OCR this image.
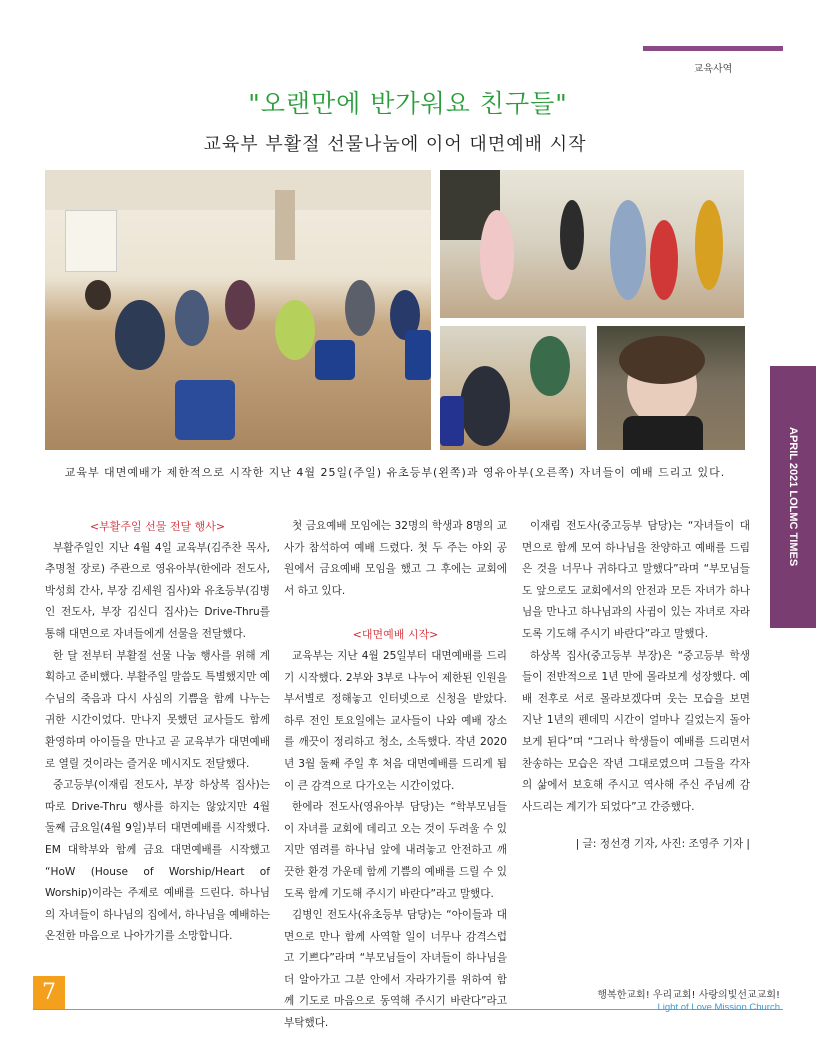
교육사역
"오랜만에 반가워요 친구들"
교육부 부활절 선물나눔에 이어 대면예배 시작
교육부 대면예배가 제한적으로 시작한 지난 4월 25일(주일) 유초등부(왼쪽)과 영유아부(오른쪽) 자녀들이 예배 드리고 있다.	APRIL 2021 LOLMC TIMES
<부활주일 선물 전달 행사>

부활주일인 지난 4월 4일 교육부(김주찬 목사, 추명철 장로) 주관으로 영유아부(한에라 전도사, 박성희 간사, 부장 김세원 집사)와 유초등부(김병인 전도사, 부장 김신디 집사)는 Drive-Thru를 통해 대면으로 자녀들에게 선물을 전달했다.

한 달 전부터 부활절 선물 나눔 행사를 위해 계획하고 준비했다. 부활주일 말씀도 특별했지만 예수님의 죽음과 다시 사심의 기쁨을 함께 나누는 귀한 시간이었다. 만나지 못했던 교사들도 함께 환영하며 아이들을 만나고 곧 교육부가 대면예배로 열릴 것이라는 즐거운 메시지도 전달했다.

중고등부(이재림 전도사, 부장 하상복 집사)는 따로 Drive-Thru 행사를 하지는 않았지만 4월 둘째 금요일(4월 9일)부터 대면예배를 시작했다. EM 대학부와 함께 금요 대면예배를 시작했고 “HoW (House of Worship/Heart of Worship)이라는 주제로 예배를 드린다. 하나님의 자녀들이 하나님의 집에서, 하나님을 예배하는 온전한 마음으로 나아가기를 소망합니다.

첫 금요예배 모임에는 32명의 학생과 8명의 교사가 참석하여 예배 드렸다. 첫 두 주는 야외 공원에서 금요예배 모임을 했고 그 후에는 교회에서 하고 있다.

<대면예배 시작>

교육부는 지난 4월 25일부터 대면예배를 드리기 시작했다. 2부와 3부로 나누어 제한된 인원을 부서별로 정해놓고 인터넷으로 신청을 받았다. 하루 전인 토요일에는 교사들이 나와 예배 장소를 깨끗이 정리하고 청소, 소독했다. 작년 2020년 3월 둘째 주일 후 처음 대면예배를 드리게 됨이 큰 감격으로 다가오는 시간이었다.

한에라 전도사(영유아부 담당)는 “학부모님들이 자녀를 교회에 데리고 오는 것이 두려울 수 있지만 염려를 하나님 앞에 내려놓고 안전하고 깨끗한 환경 가운데 함께 기쁨의 예배를 드릴 수 있도록 함께 기도해 주시기 바란다”라고 말했다.

김병인 전도사(유초등부 담당)는 “아이들과 대면으로 만나 함께 사역할 일이 너무나 감격스럽고 기쁘다”라며 “부모님들이 자녀들이 하나님을 더 알아가고 그분 안에서 자라가기를 위하여 함께 기도로 마음으로 동역해 주시기 바란다”라고 부탁했다.

이재림 전도사(중고등부 담당)는 “자녀들이 대면으로 함께 모여 하나님을 찬양하고 예배를 드림은 것을 너무나 귀하다고 말했다”라며 “부모님들도 앞으로도 교회에서의 안전과 모든 자녀가 하나님을 만나고 하나님과의 사귐이 있는 자녀로 자라도록 기도해 주시기 바란다”라고 말했다.

하상복 집사(중고등부 부장)은 “중고등부 학생들이 전반적으로 1년 만에 몰라보게 성장했다. 예배 전후로 서로 몰라보겠다며 웃는 모습을 보면 지난 1년의 펜데믹 시간이 얼마나 길었는지 돌아보게 된다”며 “그러나 학생들이 예배를 드리면서 찬송하는 모습은 작년 그대로였으며 그들을 각자의 삶에서 보호해 주시고 역사해 주신 주님께 감사드리는 계기가 되었다”고 간증했다.

| 글: 정선경 기자, 사진: 조영주 기자 |

7	행복한교회! 우리교회! 사랑의빛선교교회!
Light of Love Mission Church
